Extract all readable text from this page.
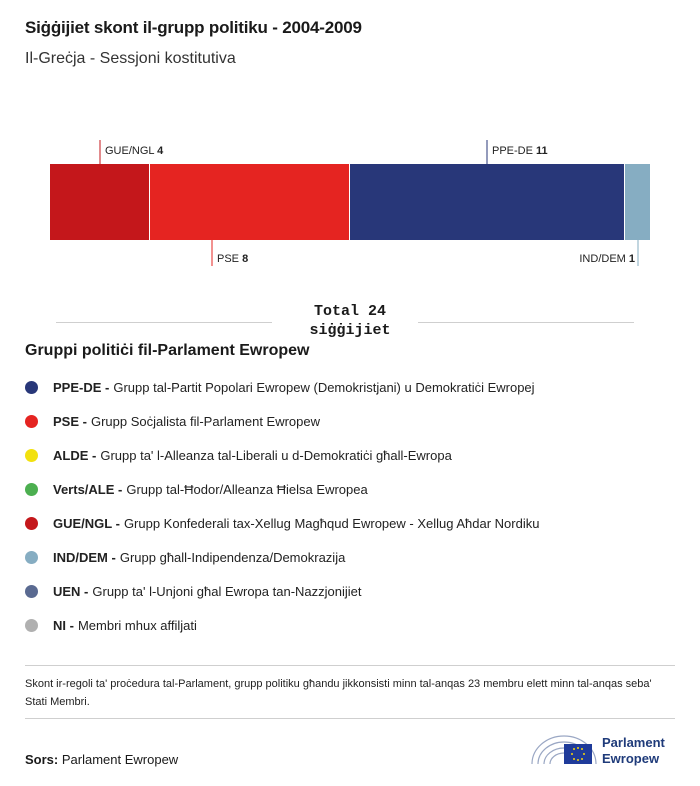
Siġġijiet skont il-grupp politiku - 2004-2009
Il-Greċja - Sessjoni kostitutiva
GUE/NGL 4
PSE 8
PPE-DE 11
IND/DEM 1
Total 24
siġġijiet
Gruppi politiċi fil-Parlament Ewropew
PPE-DE - Grupp tal-Partit Popolari Ewropew (Demokristjani) u Demokratiċi Ewropej
PSE - Grupp Soċjalista fil-Parlament Ewropew
ALDE - Grupp ta' l-Alleanza tal-Liberali u d-Demokratiċi għall-Ewropa
Verts/ALE - Grupp tal-Ħodor/Alleanza Ħielsa Ewropea
GUE/NGL - Grupp Konfederali tax-Xellug Magħqud Ewropew - Xellug Aħdar Nordiku
IND/DEM - Grupp għall-Indipendenza/Demokrazija
UEN - Grupp ta' l-Unjoni għal Ewropa tan-Nazzjonijiet
NI - Membri mhux affiljati
Skont ir-regoli ta' proċedura tal-Parlament, grupp politiku għandu jikkonsisti minn tal-anqas 23 membru elett minn tal-anqas seba' Stati Membri.
Sors: Parlament Ewropew
Parlament
Ewropew
